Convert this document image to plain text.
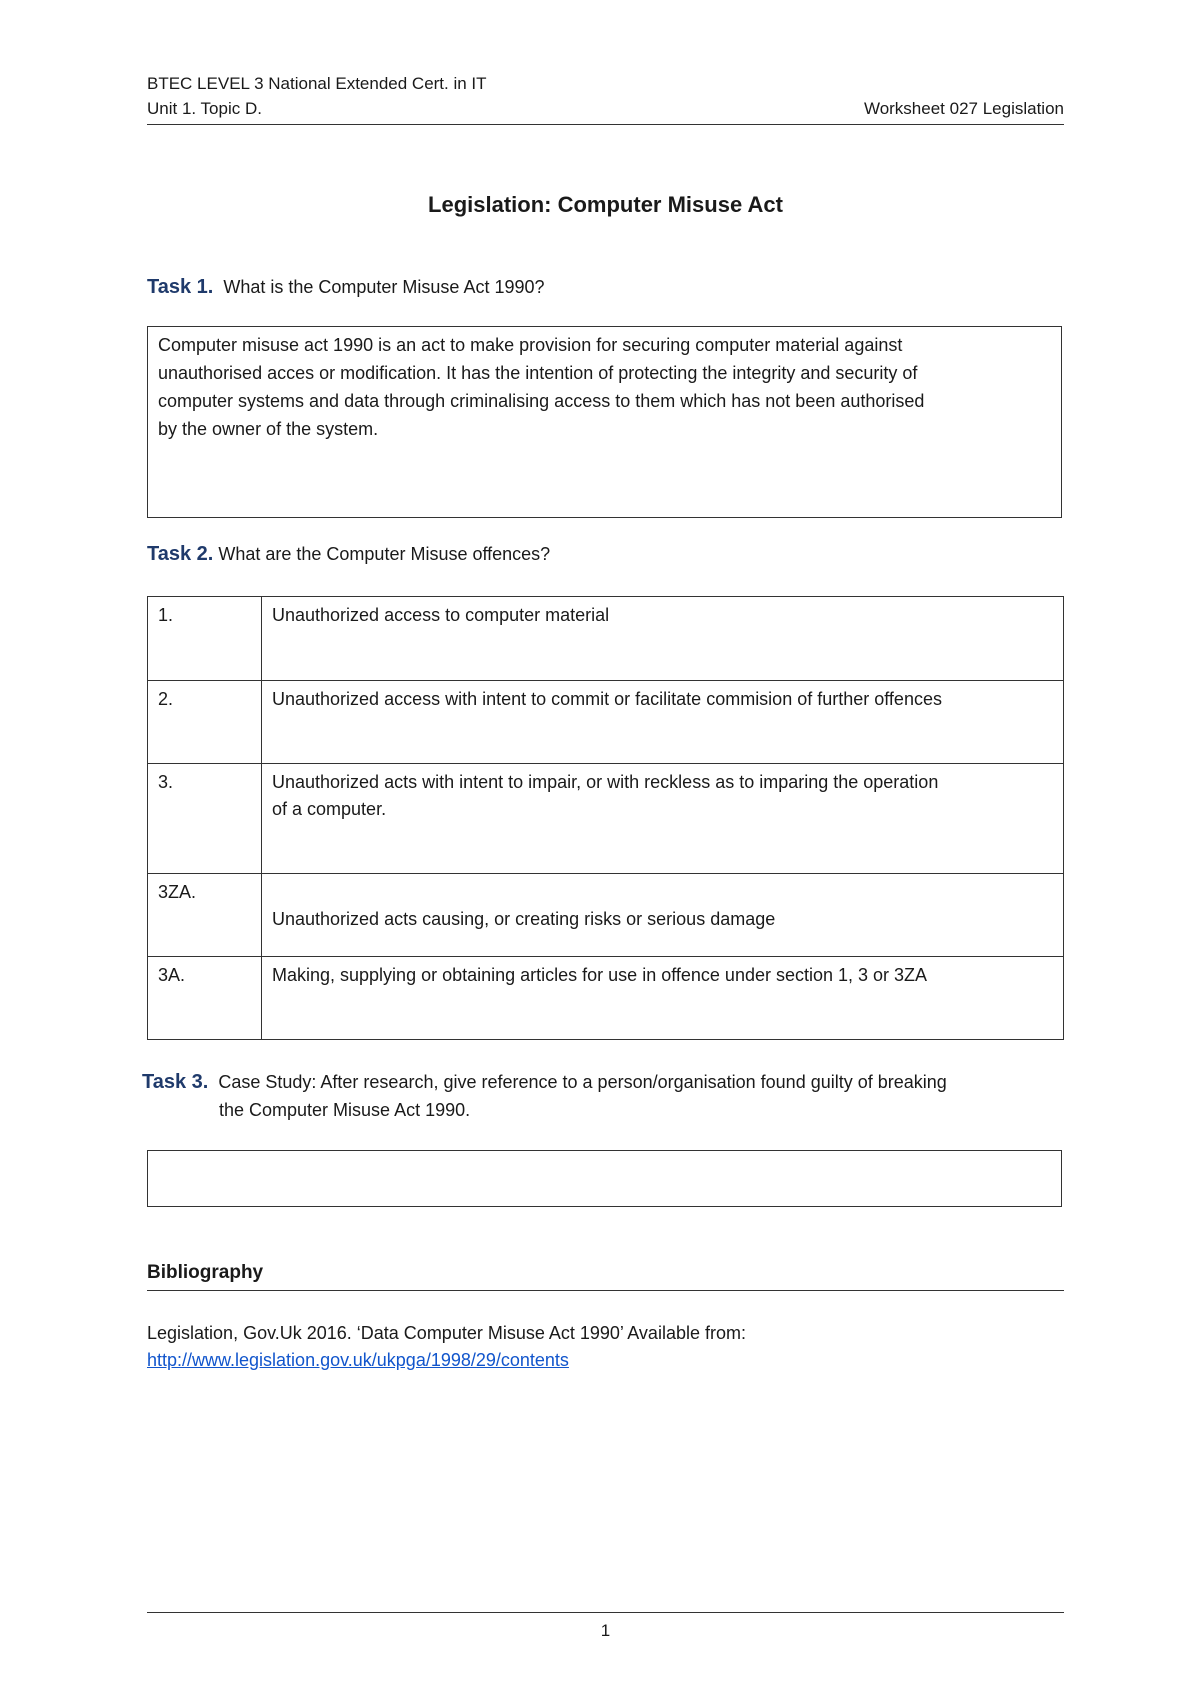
BTEC LEVEL 3 National Extended Cert. in IT
Unit 1. Topic D.	Worksheet 027 Legislation
Legislation: Computer Misuse Act
Task 1. What is the Computer Misuse Act 1990?
Computer misuse act 1990 is an act to make provision for securing computer material against
unauthorised acces or modification. It has the intention of protecting the integrity and security of
computer systems and data through criminalising access to them which has not been authorised
by the owner of the system.
Task 2. What are the Computer Misuse offences?
1.	Unauthorized access to computer material

2.	Unauthorized access with intent to commit or facilitate commision of further offences

3.	Unauthorized acts with intent to impair, or with reckless as to imparing the operation
of a computer.

3ZA.	Unauthorized acts causing, or creating risks or serious damage

3A.	Making, supplying or obtaining articles for use in offence under section 1, 3 or 3ZA
Task 3. Case Study: After research, give reference to a person/organisation found guilty of breaking
the Computer Misuse Act 1990.
Bibliography
Legislation, Gov.Uk 2016. ‘Data Computer Misuse Act 1990’ Available from:
http://www.legislation.gov.uk/ukpga/1998/29/contents
1
